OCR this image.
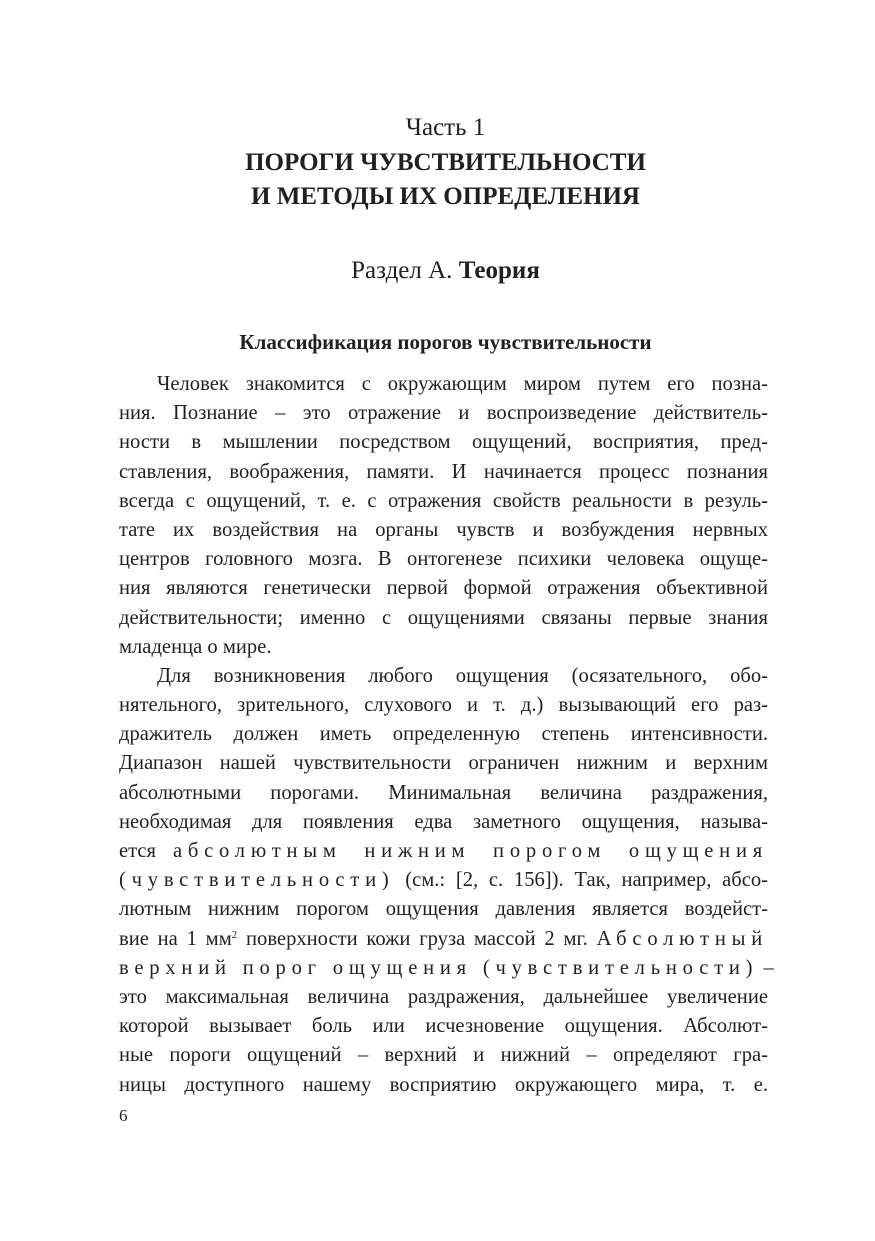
Часть 1
ПОРОГИ ЧУВСТВИТЕЛЬНОСТИ
И МЕТОДЫ ИХ ОПРЕДЕЛЕНИЯ
Раздел А. Теория
Классификация порогов чувствительности
Человек знакомится с окружающим миром путем его позна-
ния. Познание – это отражение и воспроизведение действитель-
ности в мышлении посредством ощущений, восприятия, пред-
ставления, воображения, памяти. И начинается процесс познания
всегда с ощущений, т. е. с отражения свойств реальности в резуль-
тате их воздействия на органы чувств и возбуждения нервных
центров головного мозга. В онтогенезе психики человека ощуще-
ния являются генетически первой формой отражения объективной
действительности; именно с ощущениями связаны первые знания
младенца о мире.
Для возникновения любого ощущения (осязательного, обо-
нятельного, зрительного, слухового и т. д.) вызывающий его раз-
дражитель должен иметь определенную степень интенсивности.
Диапазон нашей чувствительности ограничен нижним и верхним
абсолютными порогами. Минимальная величина раздражения,
необходимая для появления едва заметного ощущения, называ-
ется абсолютным нижним порогом ощущения
(чувствительности) (см.: [2, с. 156]). Так, например, абсо-
лютным нижним порогом ощущения давления является воздейст-
вие на 1 $мм^2$ поверхности кожи груза массой 2 мг. Абсолютный
верхний порог ощущения (чувствительности) –
это максимальная величина раздражения, дальнейшее увеличение
которой вызывает боль или исчезновение ощущения. Абсолют-
ные пороги ощущений – верхний и нижний – определяют гра-
ницы доступного нашему восприятию окружающего мира, т. е.
6
